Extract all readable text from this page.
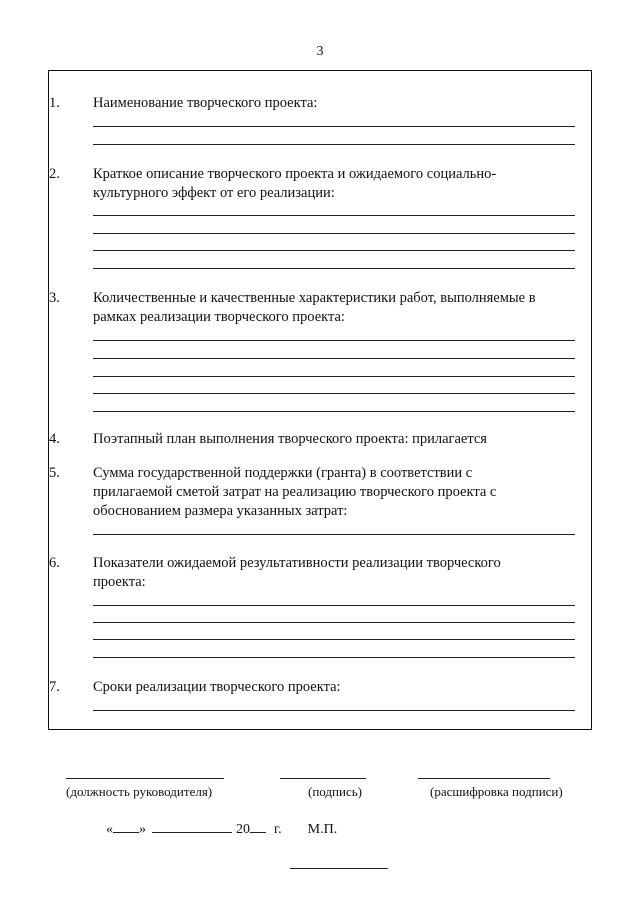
3
1. Наименование творческого проекта:
2. Краткое описание творческого проекта и ожидаемого социально-
культурного эффект от его реализации:
3. Количественные и качественные характеристики работ, выполняемые в
рамках реализации творческого проекта:
4. Поэтапный план выполнения творческого проекта: прилагается
5. Сумма государственной поддержки (гранта) в соответствии с
прилагаемой сметой затрат на реализацию творческого проекта с
обоснованием размера указанных затрат:
6. Показатели ожидаемой результативности реализации творческого
проекта:
7. Сроки реализации творческого проекта:
(должность руководителя)	(подпись)	(расшифровка подписи)
« »	20 г. М.П.
